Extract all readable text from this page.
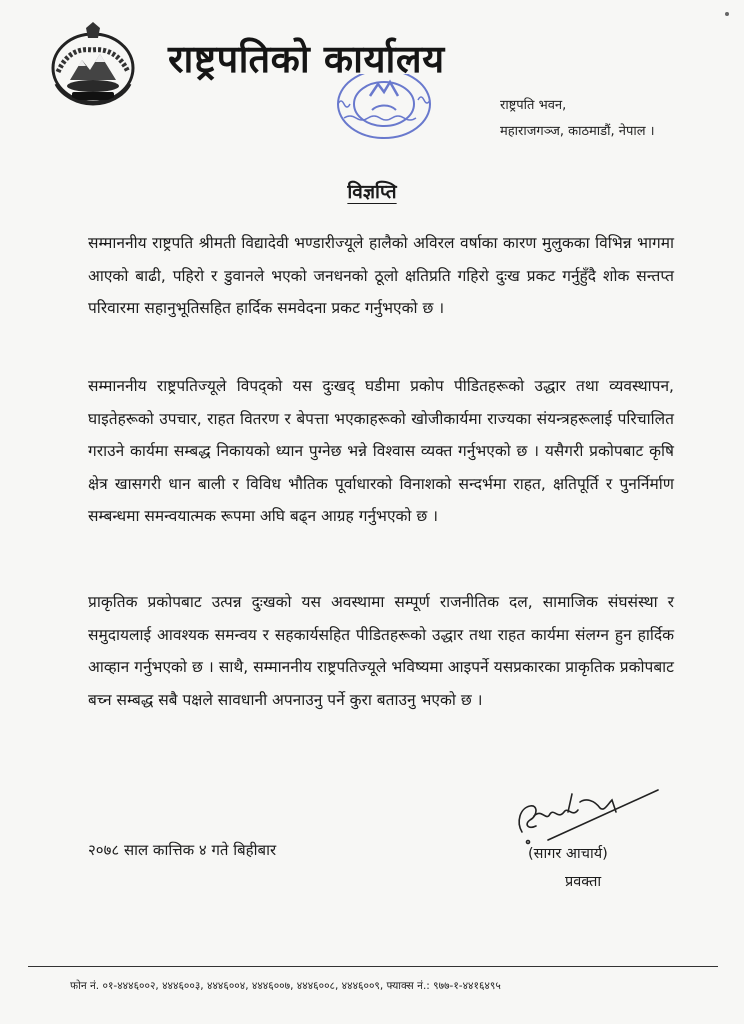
राष्ट्रपतिको कार्यालय
राष्ट्रपति भवन,
महाराजगञ्ज, काठमाडौं, नेपाल ।
विज्ञप्ति

सम्माननीय राष्ट्रपति श्रीमती विद्यादेवी भण्डारीज्यूले हालैको अविरल वर्षाका कारण मुलुकका विभिन्न भागमा आएको बाढी, पहिरो र डुवानले भएको जनधनको ठूलो क्षतिप्रति गहिरो दुःख प्रकट गर्नुहुँदै शोक सन्तप्त परिवारमा सहानुभूतिसहित हार्दिक समवेदना प्रकट गर्नुभएको छ ।

सम्माननीय राष्ट्रपतिज्यूले विपद्को यस दुःखद् घडीमा प्रकोप पीडितहरूको उद्धार तथा व्यवस्थापन, घाइतेहरूको उपचार, राहत वितरण र बेपत्ता भएकाहरूको खोजीकार्यमा राज्यका संयन्त्रहरूलाई परिचालित गराउने कार्यमा सम्बद्ध निकायको ध्यान पुग्नेछ भन्ने विश्वास व्यक्त गर्नुभएको छ । यसैगरी प्रकोपबाट कृषि क्षेत्र खासगरी धान बाली र विविध भौतिक पूर्वाधारको विनाशको सन्दर्भमा राहत, क्षतिपूर्ति र पुनर्निर्माण सम्बन्धमा समन्वयात्मक रूपमा अघि बढ्न आग्रह गर्नुभएको छ ।

प्राकृतिक प्रकोपबाट उत्पन्न दुःखको यस अवस्थामा सम्पूर्ण राजनीतिक दल, सामाजिक संघसंस्था र समुदायलाई आवश्यक समन्वय र सहकार्यसहित पीडितहरूको उद्धार तथा राहत कार्यमा संलग्न हुन हार्दिक आव्हान गर्नुभएको छ । साथै, सम्माननीय राष्ट्रपतिज्यूले भविष्यमा आइपर्ने यसप्रकारका प्राकृतिक प्रकोपबाट बच्न सम्बद्ध सबै पक्षले सावधानी अपनाउनु पर्ने कुरा बताउनु भएको छ ।

२०७८ साल कात्तिक ४ गते बिहीबार	(सागर आचार्य)
प्रवक्ता
फोन नं. ०१-४४४६००२, ४४४६००३, ४४४६००४, ४४४६००७, ४४४६००८, ४४४६००९, फ्याक्स नं.: ९७७-१-४४१६४९५
